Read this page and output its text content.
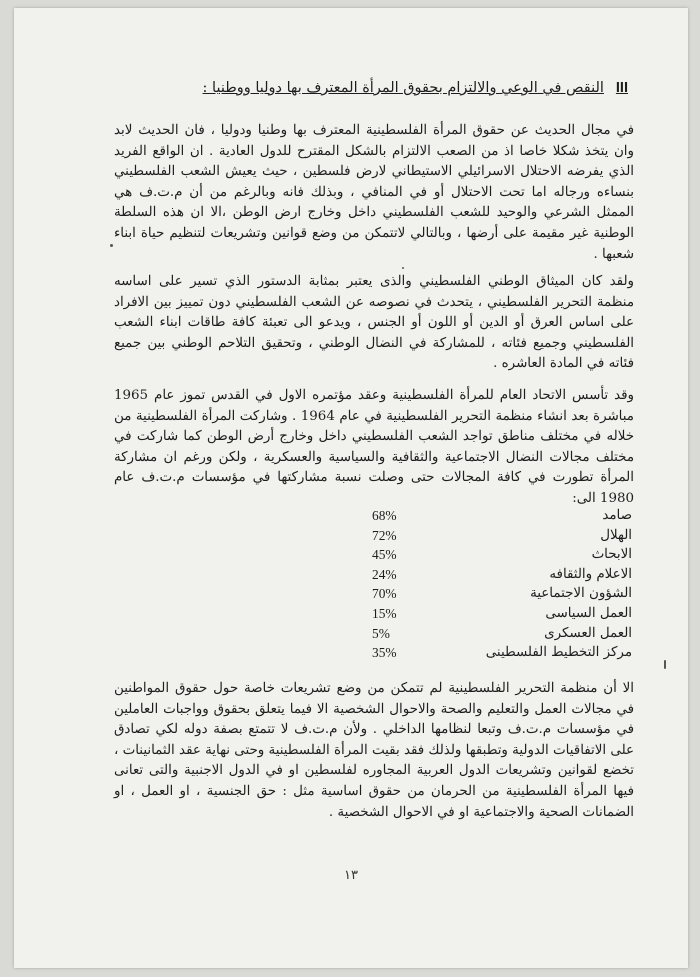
III
النقص في الوعي والالتزام بحقوق المرأة المعترف بها دوليا ووطنيا :

في مجال الحديث عن حقوق المرأة الفلسطينية المعترف بها وطنيا ودوليا ، فان الحديث لابد وان يتخذ شكلا خاصا اذ من الصعب الالتزام بالشكل المقترح للدول العادية . ان الواقع الفريد الذي يفرضه الاحتلال الاسرائيلي الاستيطاني لارض فلسطين ، حيث يعيش الشعب الفلسطيني بنساءه ورجاله اما تحت الاحتلال أو في المنافي ، وبذلك فانه وبالرغم من أن م.ت.ف هي الممثل الشرعي والوحيد للشعب الفلسطيني داخل وخارج ارض الوطن ،الا ان هذه السلطة الوطنية غير مقيمة على أرضها ، وبالتالي لاتتمكن من وضع قوانين وتشريعات لتنظيم حياة ابناء شعبها .

ولقد كان الميثاق الوطني الفلسطيني والذى يعتبر بمثابة الدستور الذي تسير على اساسه منظمة التحرير الفلسطيني ، يتحدث في نصوصه عن الشعب الفلسطيني دون تمييز بين الافراد على اساس العرق أو الدين أو اللون أو الجنس ، ويدعو الى تعبئة كافة طاقات ابناء الشعب الفلسطيني وجميع فئاته ، للمشاركة في النضال الوطني ، وتحقيق التلاحم الوطني بين جميع فئاته في المادة العاشره .

وقد تأسس الاتحاد العام للمرأة الفلسطينية وعقد مؤتمره الاول في القدس تموز عام 1965 مباشرة بعد انشاء منظمة التحرير الفلسطينية في عام 1964 . وشاركت المرأة الفلسطينية من خلاله في مختلف مناطق تواجد الشعب الفلسطيني داخل وخارج أرض الوطن كما شاركت في مختلف مجالات النضال الاجتماعية والثقافية والسياسية والعسكرية ، ولكن ورغم ان مشاركة المرأة تطورت في كافة المجالات حتى وصلت نسبة مشاركتها في مؤسسات م.ت.ف عام 1980 الى:

صامد
68%
الهلال
72%
الابحاث
45%
الاعلام والثقافه
24%
الشؤون الاجتماعية
70%
العمل السياسى
15%
العمل العسكرى
5%
مركز التخطيط الفلسطينى
35%

الا أن منظمة التحرير الفلسطينية لم تتمكن من وضع تشريعات خاصة حول حقوق المواطنين في مجالات العمل والتعليم والصحة والاحوال الشخصية الا فيما يتعلق بحقوق وواجبات العاملين في مؤسسات م.ت.ف وتبعا لنظامها الداخلي . ولأن م.ت.ف لا تتمتع بصفة دوله لكي تصادق على الاتفاقيات الدولية وتطبقها ولذلك فقد بقيت المرأة الفلسطينية وحتى نهاية عقد الثمانينات ، تخضع لقوانين وتشريعات الدول العربية المجاوره لفلسطين او في الدول الاجنبية والتى تعانى فيها المرأة الفلسطينية من الحرمان من حقوق اساسية مثل : حق الجنسية ، او العمل ، او الضمانات الصحية والاجتماعية او في الاحوال الشخصية .

١٣
